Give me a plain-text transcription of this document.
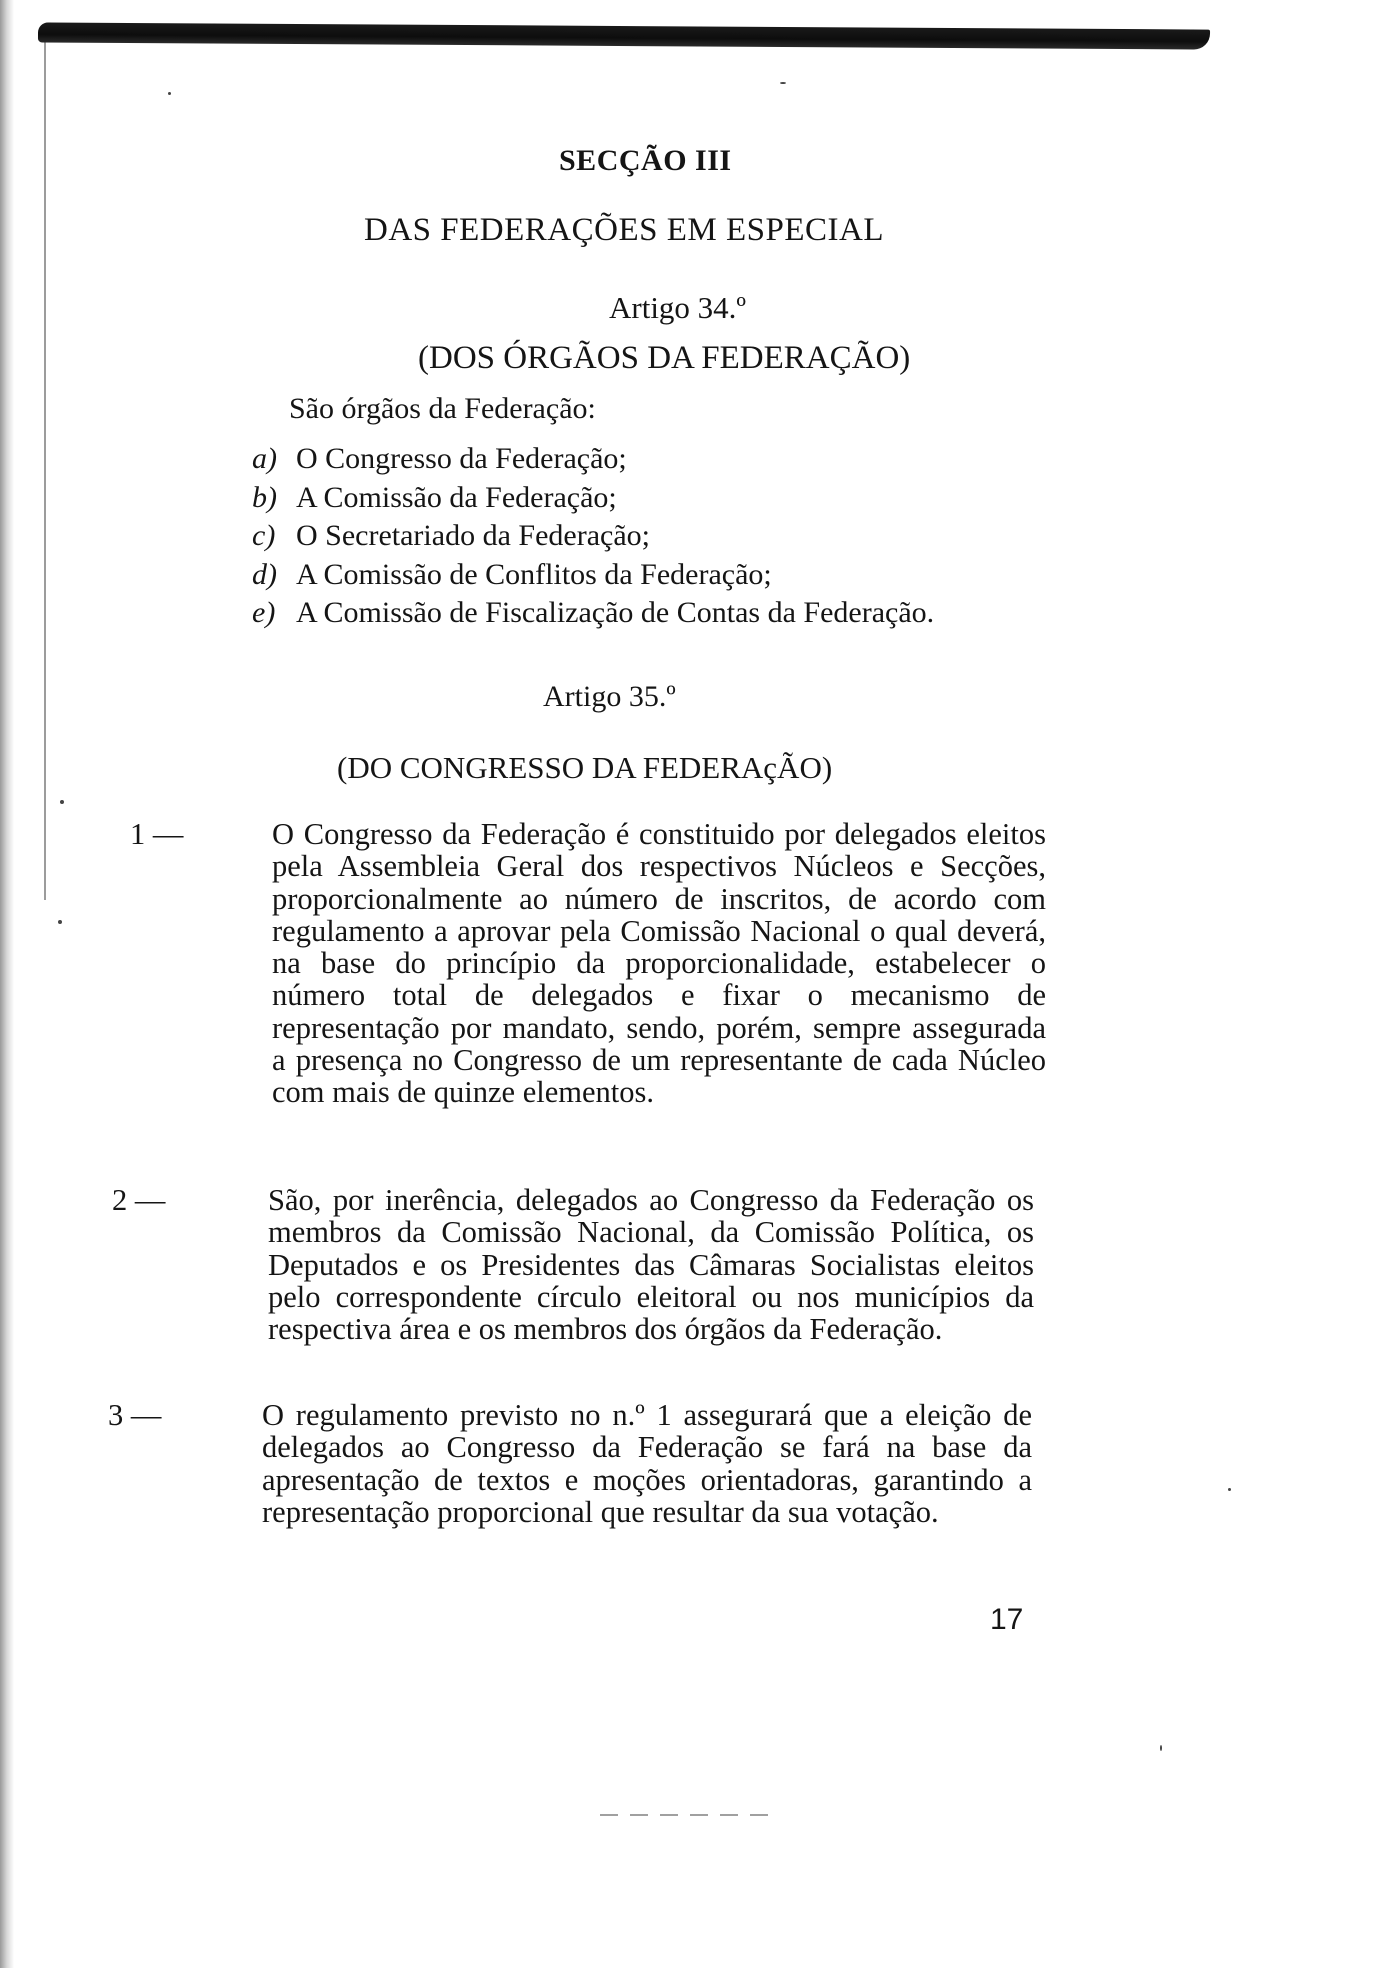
SECÇÃO III
DAS FEDERAÇÕES EM ESPECIAL
Artigo 34.º
(DOS ÓRGÃOS DA FEDERAÇÃO)
São órgãos da Federação:
a) O Congresso da Federação;
b) A Comissão da Federação;
c) O Secretariado da Federação;
d) A Comissão de Conflitos da Federação;
e) A Comissão de Fiscalização de Contas da Federação.
Artigo 35.º
(DO CONGRESSO DA FEDERAçÃO)
1 —	O Congresso da Federação é constituido por delegados eleitos pela Assembleia Geral dos respectivos Núcleos e Secções, proporcionalmente ao número de inscritos, de acordo com regulamento a aprovar pela Comissão Nacional o qual deverá, na base do princípio da proporcionalidade, estabelecer o número total de delegados e fixar o mecanismo de representação por mandato, sendo, porém, sempre assegurada a presença no Congresso de um representante de cada Núcleo com mais de quinze elementos.
2 —	São, por inerência, delegados ao Congresso da Federação os membros da Comissão Nacional, da Comissão Política, os Deputados e os Presidentes das Câmaras Socialistas eleitos pelo correspondente círculo eleitoral ou nos municípios da respectiva área e os membros dos órgãos da Federação.
3 —	O regulamento previsto no n.º 1 assegurará que a eleição de delegados ao Congresso da Federação se fará na base da apresentação de textos e moções orientadoras, garantindo a representação proporcional que resultar da sua votação.
17
